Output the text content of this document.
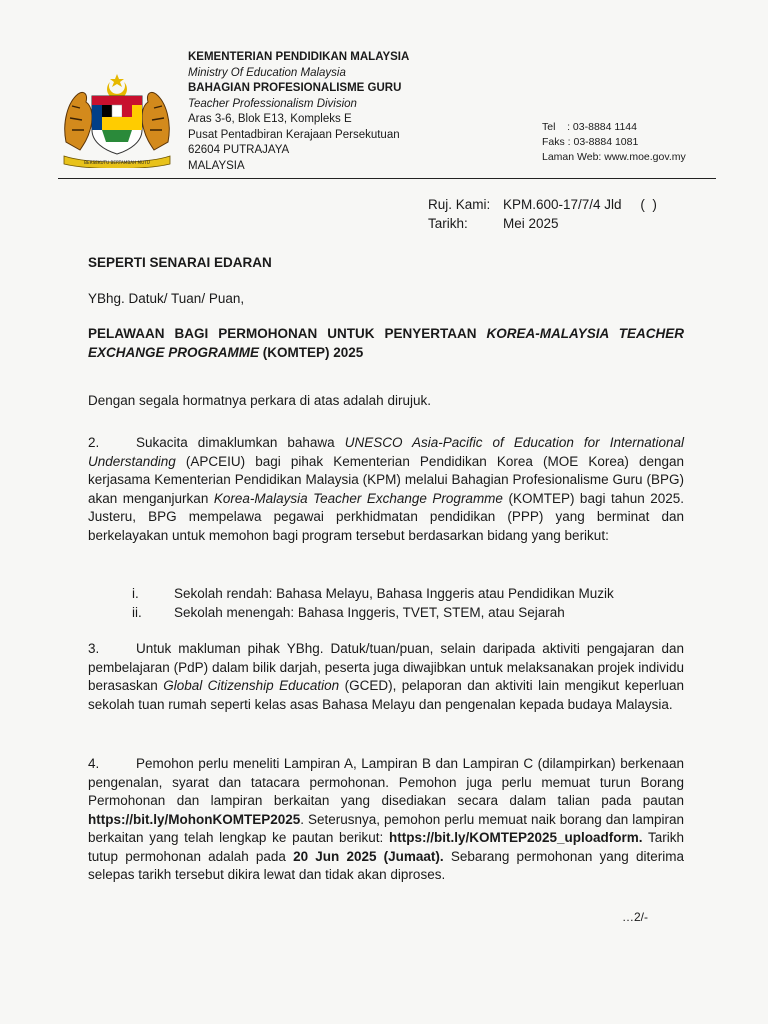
BERSEKUTU BERTAMBAH MUTU
KEMENTERIAN PENDIDIKAN MALAYSIA
Ministry Of Education Malaysia
BAHAGIAN PROFESIONALISME GURU
Teacher Professionalism Division
Aras 3-6, Blok E13, Kompleks E
Pusat Pentadbiran Kerajaan Persekutuan
62604 PUTRAJAYA
MALAYSIA
Tel    : 03-8884 1144
Faks : 03-8884 1081
Laman Web: www.moe.gov.my
Ruj. Kami: KPM.600-17/7/4 Jld     (  )
Tarikh:	Mei 2025
SEPERTI SENARAI EDARAN
YBhg. Datuk/ Tuan/ Puan,
PELAWAAN BAGI PERMOHONAN UNTUK PENYERTAAN KOREA-MALAYSIA TEACHER EXCHANGE PROGRAMME (KOMTEP) 2025
Dengan segala hormatnya perkara di atas adalah dirujuk.
2.	Sukacita dimaklumkan bahawa UNESCO Asia-Pacific of Education for International Understanding (APCEIU) bagi pihak Kementerian Pendidikan Korea (MOE Korea) dengan kerjasama Kementerian Pendidikan Malaysia (KPM) melalui Bahagian Profesionalisme Guru (BPG) akan menganjurkan Korea-Malaysia Teacher Exchange Programme (KOMTEP) bagi tahun 2025. Justeru, BPG mempelawa pegawai perkhidmatan pendidikan (PPP) yang berminat dan berkelayakan untuk memohon bagi program tersebut berdasarkan bidang yang berikut:
i.	Sekolah rendah: Bahasa Melayu, Bahasa Inggeris atau Pendidikan Muzik
ii.	Sekolah menengah: Bahasa Inggeris, TVET, STEM, atau Sejarah
3.	Untuk makluman pihak YBhg. Datuk/tuan/puan, selain daripada aktiviti pengajaran dan pembelajaran (PdP) dalam bilik darjah, peserta juga diwajibkan untuk melaksanakan projek individu berasaskan Global Citizenship Education (GCED), pelaporan dan aktiviti lain mengikut keperluan sekolah tuan rumah seperti kelas asas Bahasa Melayu dan pengenalan kepada budaya Malaysia.
4.	Pemohon perlu meneliti Lampiran A, Lampiran B dan Lampiran C (dilampirkan) berkenaan pengenalan, syarat dan tatacara permohonan. Pemohon juga perlu memuat turun Borang Permohonan dan lampiran berkaitan yang disediakan secara dalam talian pada pautan https://bit.ly/MohonKOMTEP2025. Seterusnya, pemohon perlu memuat naik borang dan lampiran berkaitan yang telah lengkap ke pautan berikut: https://bit.ly/KOMTEP2025_uploadform. Tarikh tutup permohonan adalah pada 20 Jun 2025 (Jumaat). Sebarang permohonan yang diterima selepas tarikh tersebut dikira lewat dan tidak akan diproses.
…2/-
